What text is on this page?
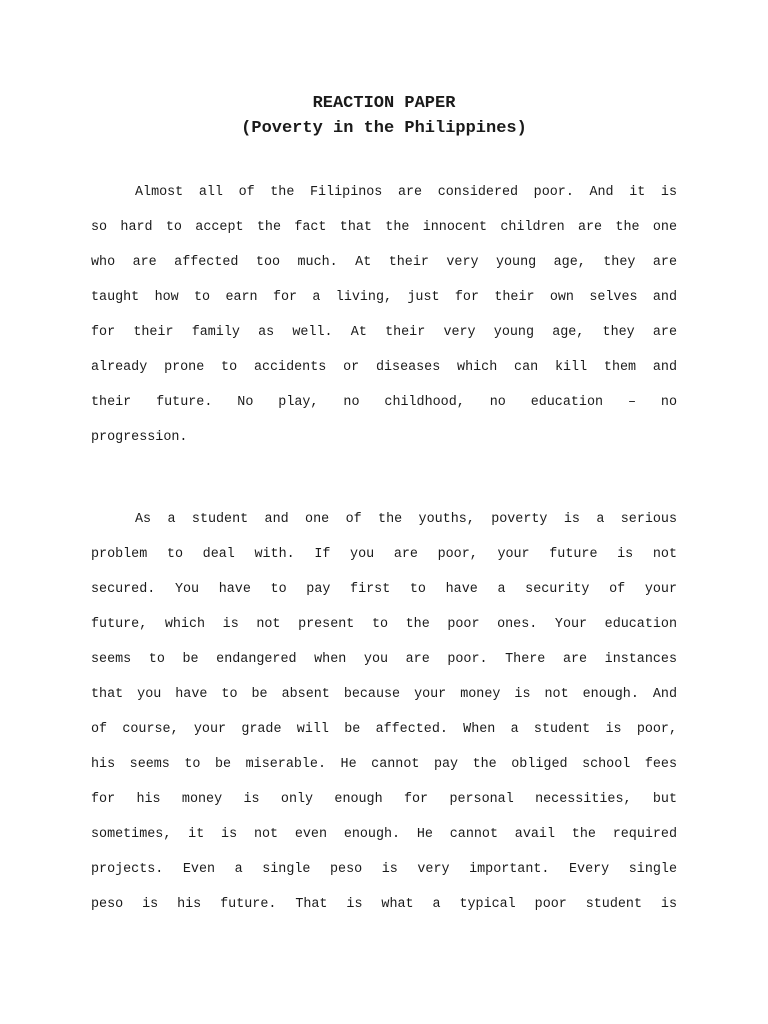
REACTION PAPER
(Poverty in the Philippines)
Almost all of the Filipinos are considered poor. And it is
so hard to accept the fact that the innocent children are the one
who are affected too much. At their very young age, they are
taught how to earn for a living, just for their own selves and
for their family as well. At their very young age, they are
already prone to accidents or diseases which can kill them and
their future. No play, no childhood, no education – no
progression.
As a student and one of the youths, poverty is a serious
problem to deal with. If you are poor, your future is not
secured. You have to pay first to have a security of your
future, which is not present to the poor ones. Your education
seems to be endangered when you are poor. There are instances
that you have to be absent because your money is not enough. And
of course, your grade will be affected. When a student is poor,
his seems to be miserable. He cannot pay the obliged school fees
for his money is only enough for personal necessities, but
sometimes, it is not even enough. He cannot avail the required
projects. Even a single peso is very important. Every single
peso is his future. That is what a typical poor student is
